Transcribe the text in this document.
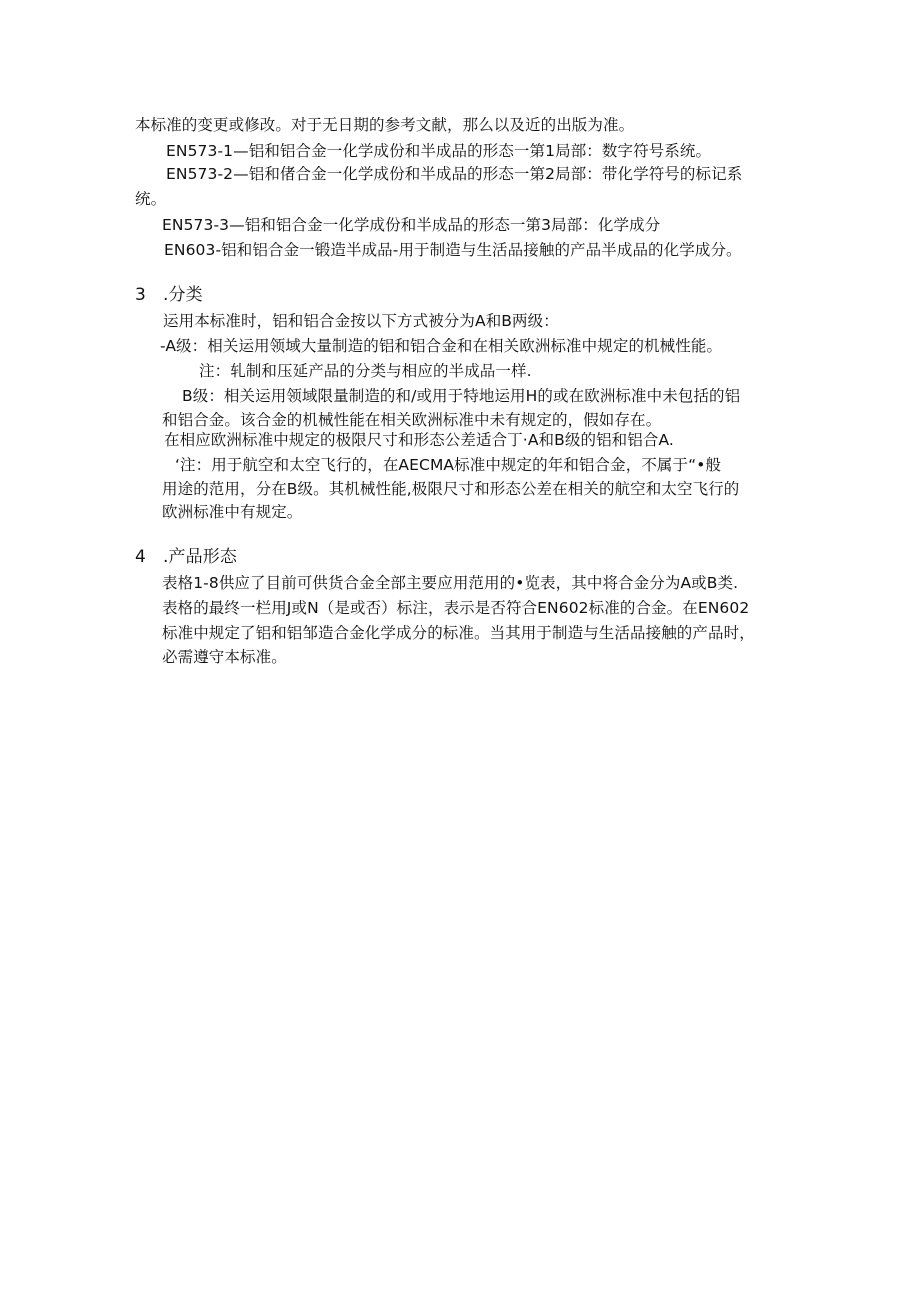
本标准的变更或修改。对于无日期的参考文献，那么以及近的出版为准。
EN573-1—铝和铝合金一化学成份和半成品的形态一第1局部：数字符号系统。
EN573-2—铝和偖合金一化学成份和半成品的形态一第2局部：带化学符号的标记系
统。
EN573-3—铝和铝合金一化学成份和半成品的形态一第3局部：化学成分
EN603-铝和铝合金一锻造半成品-用于制造与生活品接触的产品半成品的化学成分。
3　.分类
运用本标准时，铝和铝合金按以下方式被分为A和B两级：
-A级：相关运用领域大量制造的铝和铝合金和在相关欧洲标准中规定的机械性能。
注：轧制和压延产品的分类与相应的半成品一样.
B级：相关运用领域限量制造的和/或用于特地运用H的或在欧洲标准中未包括的铝
和铝合金。该合金的机械性能在相关欧洲标准中未有规定的，假如存在。
在相应欧洲标准中规定的极限尺寸和形态公差适合丁·A和B级的铝和铝合A.
‘注：用于航空和太空飞行的，在AECMA标准中规定的年和铝合金，不属于“•般
用途的范用，分在B级。其机械性能,极限尺寸和形态公差在相关的航空和太空飞行的
欧洲标准中有规定。
4　.产品形态
表格1-8供应了目前可供货合金全部主要应用范用的•览表，其中将合金分为A或B类.
表格的最终一栏用J或N（是或否）标注，表示是否符合EN602标准的合金。在EN602
标准中规定了铝和铝邹造合金化学成分的标准。当其用于制造与生活品接触的产品时，
必需遵守本标准。
